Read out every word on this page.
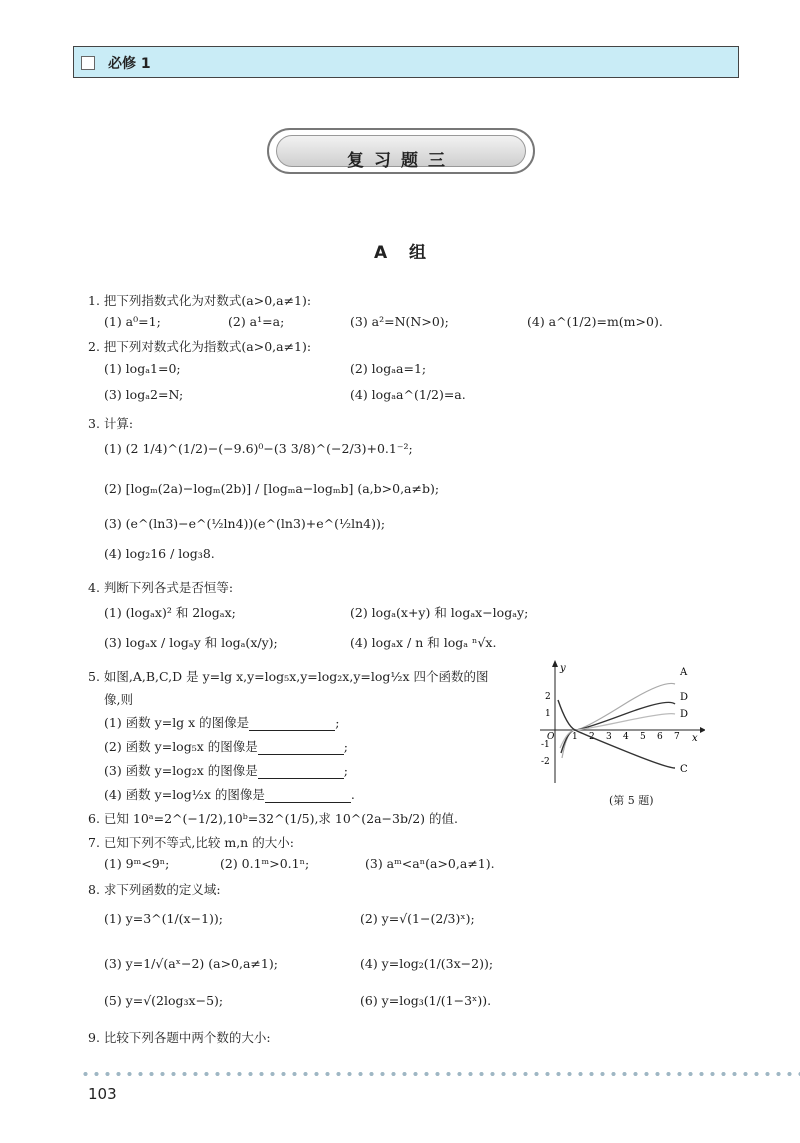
必修 1
复习题三
A 组
1. 把下列指数式化为对数式(a>0,a≠1):
(1) a⁰=1;	(2) a¹=a;	(3) a²=N(N>0);	(4) a^(1/2)=m(m>0).
2. 把下列对数式化为指数式(a>0,a≠1):
(1) logₐ1=0;	(2) logₐa=1;
(3) logₐ2=N;	(4) logₐa^(1/2)=a.
3. 计算:
(1) (2 1/4)^(1/2)−(−9.6)⁰−(3 3/8)^(−2/3)+0.1⁻²;
(2) [logₘ(2a)−logₘ(2b)] / [logₘa−logₘb] (a,b>0,a≠b);
(3) (e^(ln3)−e^(½ln4))(e^(ln3)+e^(½ln4));
(4) log₂16 / log₃8.
4. 判断下列各式是否恒等:
(1) (logₐx)² 和 2logₐx;	(2) logₐ(x+y) 和 logₐx−logₐy;
(3) logₐx / logₐy 和 logₐ(x/y);	(4) logₐx / n 和 logₐ ⁿ√x.
5. 如图,A,B,C,D 是 y=lg x,y=log₅x,y=log₂x,y=log½x 四个函数的图
像,则
(1) 函数 y=lg x 的图像是	;
(2) 函数 y=log₅x 的图像是	;
(3) 函数 y=log₂x 的图像是	;
(4) 函数 y=log½x 的图像是	.
6. 已知 10ᵃ=2^(−1/2),10ᵇ=32^(1/5),求 10^(2a−3b/2) 的值.
7. 已知下列不等式,比较 m,n 的大小:
(1) 9ᵐ<9ⁿ;	(2) 0.1ᵐ>0.1ⁿ;	(3) aᵐ<aⁿ(a>0,a≠1).
8. 求下列函数的定义域:
(1) y=3^(1/(x−1));	(2) y=√(1−(2/3)ˣ);
(3) y=1/√(aˣ−2) (a>0,a≠1);	(4) y=log₂(1/(3x−2));
(5) y=√(2log₃x−5);	(6) y=log₃(1/(1−3ˣ)).
9. 比较下列各题中两个数的大小:
x
y
O 1 2 3 4 5 6 7
2
1
-1
-2
A
D
D
C
(第 5 题)
103
